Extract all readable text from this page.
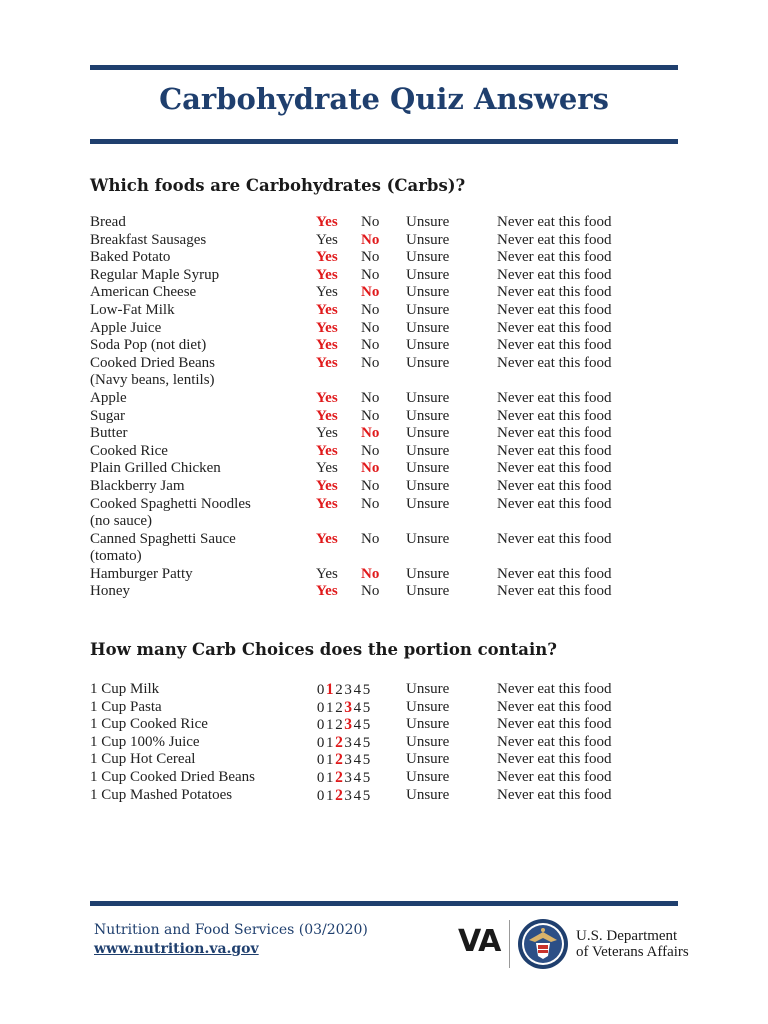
Carbohydrate Quiz Answers
Which foods are Carbohydrates (Carbs)?
Bread	Yes No Unsure	Never eat this food
Breakfast Sausages	Yes No Unsure	Never eat this food
Baked Potato	Yes No Unsure	Never eat this food
Regular Maple Syrup	Yes No Unsure	Never eat this food
American Cheese	Yes No Unsure	Never eat this food
Low-Fat Milk	Yes No Unsure	Never eat this food
Apple Juice	Yes No Unsure	Never eat this food
Soda Pop (not diet)	Yes No Unsure	Never eat this food
Cooked Dried Beans
(Navy beans, lentils)
Yes No Unsure	Never eat this food
Apple	Yes No Unsure	Never eat this food
Sugar	Yes No Unsure	Never eat this food
Butter	Yes No Unsure	Never eat this food
Cooked Rice	Yes No Unsure	Never eat this food
Plain Grilled Chicken	Yes No Unsure	Never eat this food
Blackberry Jam	Yes No Unsure	Never eat this food
Cooked Spaghetti Noodles
(no sauce)
Yes No Unsure	Never eat this food
Canned Spaghetti Sauce
(tomato)
Yes No Unsure	Never eat this food
Hamburger Patty	Yes No Unsure	Never eat this food
Honey	Yes No Unsure	Never eat this food
How many Carb Choices does the portion contain?
1 Cup Milk	0 1 2 3 4 5 Unsure	Never eat this food
1 Cup Pasta	0 1 2 3 4 5 Unsure	Never eat this food
1 Cup Cooked Rice	0 1 2 3 4 5 Unsure	Never eat this food
1 Cup 100% Juice	0 1 2 3 4 5 Unsure	Never eat this food
1 Cup Hot Cereal	0 1 2 3 4 5 Unsure	Never eat this food
1 Cup Cooked Dried Beans	0 1 2 3 4 5 Unsure	Never eat this food
1 Cup Mashed Potatoes	0 1 2 3 4 5 Unsure	Never eat this food
Nutrition and Food Services (03/2020)
www.nutrition.va.gov	VA	U.S. Department
of Veterans Affairs
